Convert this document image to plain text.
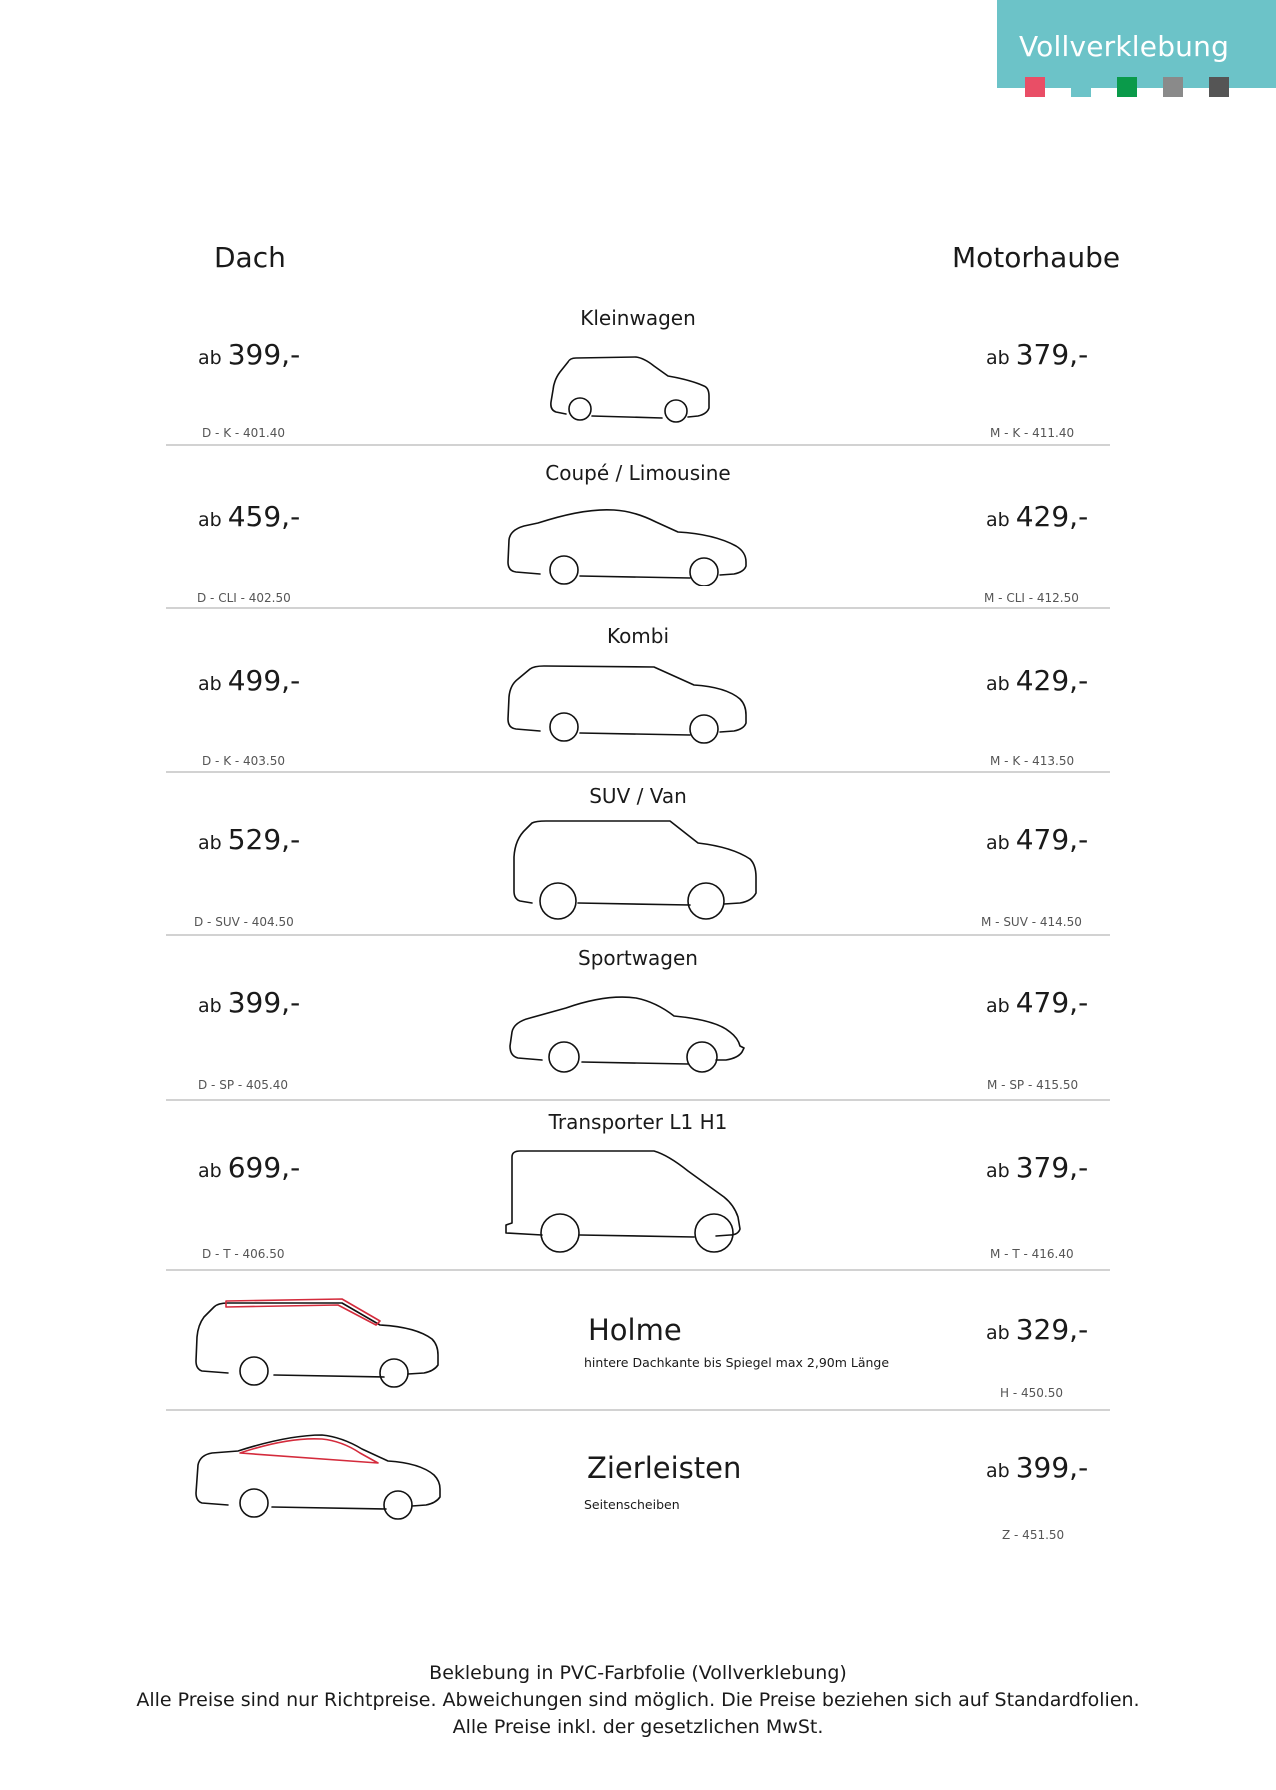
Vollverklebung
Dach	Motorhaube
Kleinwagen
ab 399,-
D - K - 401.40
ab 379,-
M - K - 411.40
Coupé / Limousine
ab 459,-
D - CLI - 402.50
ab 429,-
M - CLI - 412.50
Kombi
ab 499,-
D - K - 403.50
ab 429,-
M - K - 413.50
SUV / Van
ab 529,-
D - SUV - 404.50
ab 479,-
M - SUV - 414.50
Sportwagen
ab 399,-
D - SP - 405.40
ab 479,-
M - SP - 415.50
Transporter L1 H1
ab 699,-
D - T - 406.50
ab 379,-
M - T - 416.40
Holme
hintere Dachkante bis Spiegel max 2,90m Länge
ab 329,-
H - 450.50
Zierleisten
Seitenscheiben
ab 399,-
Z - 451.50
Beklebung in PVC-Farbfolie (Vollverklebung)
Alle Preise sind nur Richtpreise. Abweichungen sind möglich. Die Preise beziehen sich auf Standardfolien.
Alle Preise inkl. der gesetzlichen MwSt.
